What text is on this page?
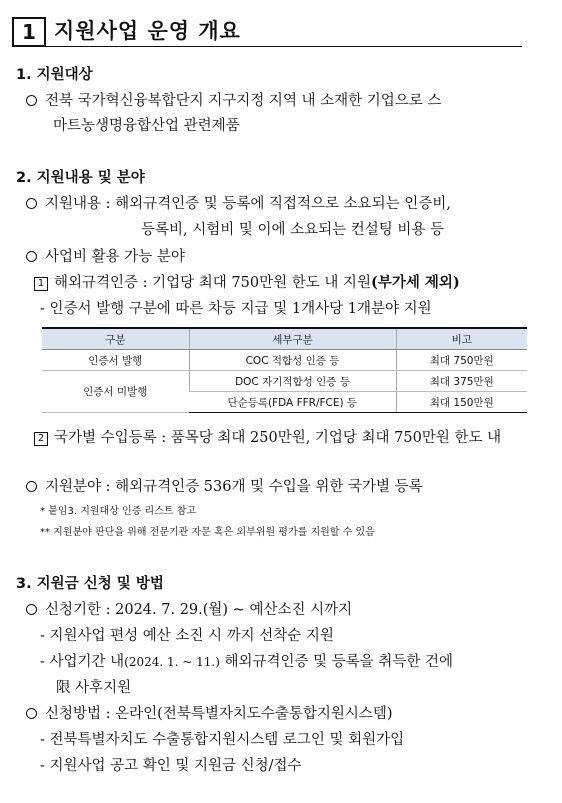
1 지원사업 운영 개요
1. 지원대상
전북 국가혁신융복합단지 지구지정 지역 내 소재한 기업으로 스
마트농생명융합산업 관련제품
2. 지원내용 및 분야
지원내용 : 해외규격인증 및 등록에 직접적으로 소요되는 인증비,
등록비, 시험비 및 이에 소요되는 컨설팅 비용 등
사업비 활용 가능 분야
1 해외규격인증 : 기업당 최대 750만원 한도 내 지원(부가세 제외)
- 인증서 발행 구분에 따른 차등 지급 및 1개사당 1개분야 지원
구분	세부구분	비고
인증서 발행	COC 적합성 인증 등	최대 750만원
인증서 미발행	DOC 자기적합성 인증 등	최대 375만원
	단순등록(FDA FFR/FCE) 등	최대 150만원
2 국가별 수입등록 : 품목당 최대 250만원, 기업당 최대 750만원 한도 내
지원분야 : 해외규격인증 536개 및 수입을 위한 국가별 등록
* 붙임3. 지원대상 인증 리스트 참고
** 지원분야 판단을 위해 전문기관 자문 혹은 외부위원 평가를 지원할 수 있음
3. 지원금 신청 및 방법
신청기한 : 2024. 7. 29.(월) ~ 예산소진 시까지
- 지원사업 편성 예산 소진 시 까지 선착순 지원
- 사업기간 내(2024. 1. ~ 11.) 해외규격인증 및 등록을 취득한 건에
限 사후지원
신청방법 : 온라인(전북특별자치도수출통합지원시스템)
- 전북특별자치도 수출통합지원시스템 로그인 및 회원가입
- 지원사업 공고 확인 및 지원금 신청/접수
